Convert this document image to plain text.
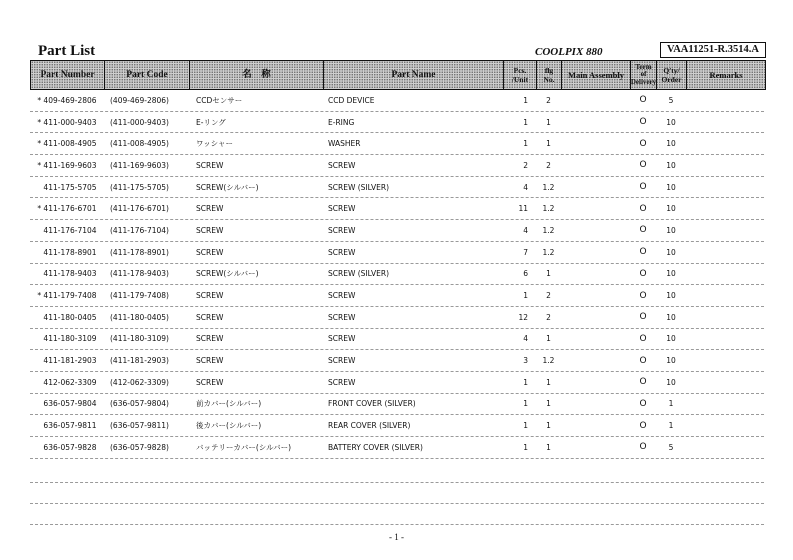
Part List	COOLPIX 880	VAA11251-R.3514.A
Part Number	Part Code	名　称	Part Name	Pcs.
/Unit
flg
No.	Main Assembly
Term
of
Delivery
Q'ty/
Order	Remarks
* 409-469-2806	(409-469-2806)	CCDセンサー	CCD DEVICE	1	2	O	5
* 411-000-9403	(411-000-9403)	E-リング	E-RING	1	1	O	10
* 411-008-4905	(411-008-4905)	ワッシャー	WASHER	1	1	O	10
* 411-169-9603	(411-169-9603)	SCREW	SCREW	2	2	O	10
411-175-5705	(411-175-5705)	SCREW(シルバー)	SCREW (SILVER)	4	1.2	O	10
* 411-176-6701	(411-176-6701)	SCREW	SCREW	11	1.2	O	10
411-176-7104	(411-176-7104)	SCREW	SCREW	4	1.2	O	10
411-178-8901	(411-178-8901)	SCREW	SCREW	7	1.2	O	10
411-178-9403	(411-178-9403)	SCREW(シルバー)	SCREW (SILVER)	6	1	O	10
* 411-179-7408	(411-179-7408)	SCREW	SCREW	1	2	O	10
411-180-0405	(411-180-0405)	SCREW	SCREW	12	2	O	10
411-180-3109	(411-180-3109)	SCREW	SCREW	4	1	O	10
411-181-2903	(411-181-2903)	SCREW	SCREW	3	1.2	O	10
412-062-3309	(412-062-3309)	SCREW	SCREW	1	1	O	10
636-057-9804	(636-057-9804)	前カバー(シルバー)	FRONT COVER (SILVER)	1	1	O	1
636-057-9811	(636-057-9811)	後カバー(シルバー)	REAR COVER (SILVER)	1	1	O	1
636-057-9828	(636-057-9828)	バッテリーカバー(シルバー)	BATTERY COVER (SILVER)	1	1	O	5
- 1 -
